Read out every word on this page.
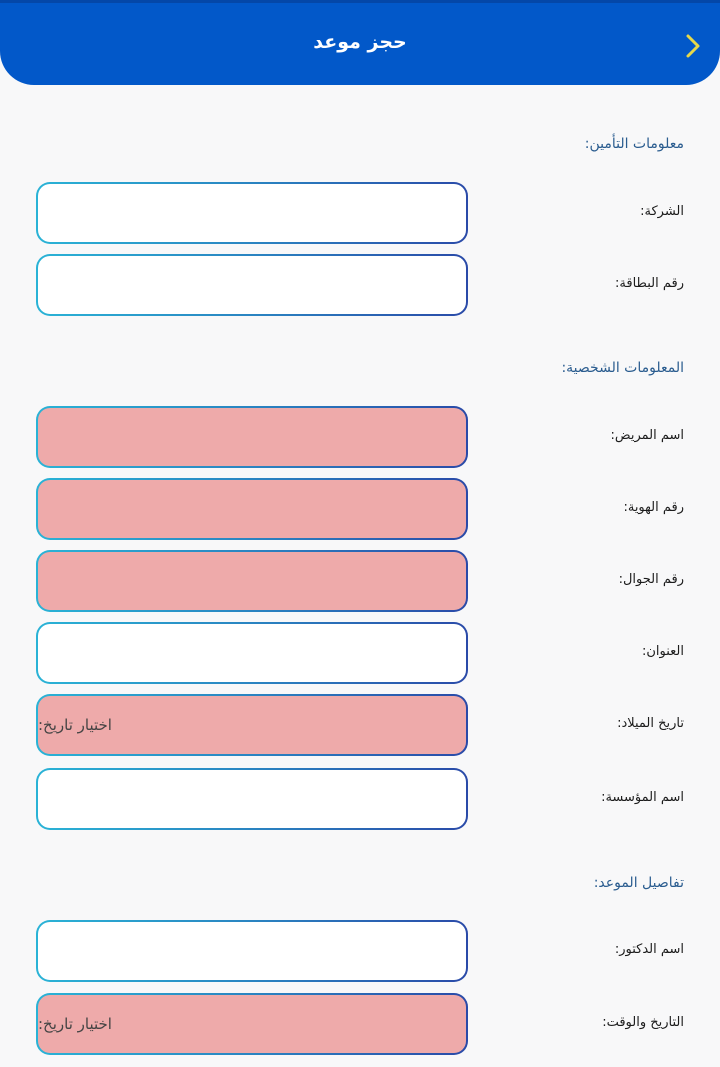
حجز موعد
معلومات التأمين:
الشركة:
رقم البطاقة:
المعلومات الشخصية:
اسم المريض:
رقم الهوية:
رقم الجوال:
العنوان:
تاريخ الميلاد:
اختيار تاريخ:
اسم المؤسسة:
تفاصيل الموعد:
اسم الدكتور:
التاريخ والوقت:
اختيار تاريخ:
